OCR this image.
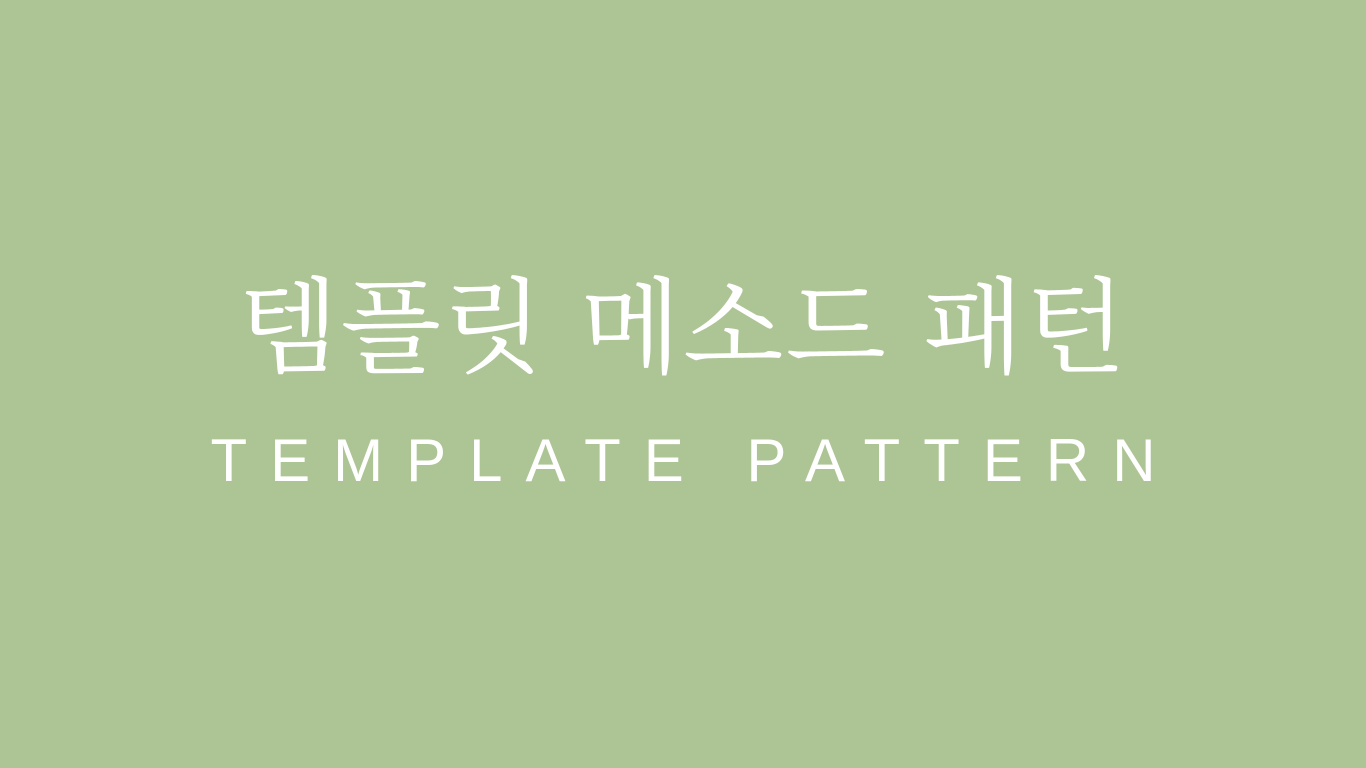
템플릿 메소드 패턴
TEMPLATE PATTERN
